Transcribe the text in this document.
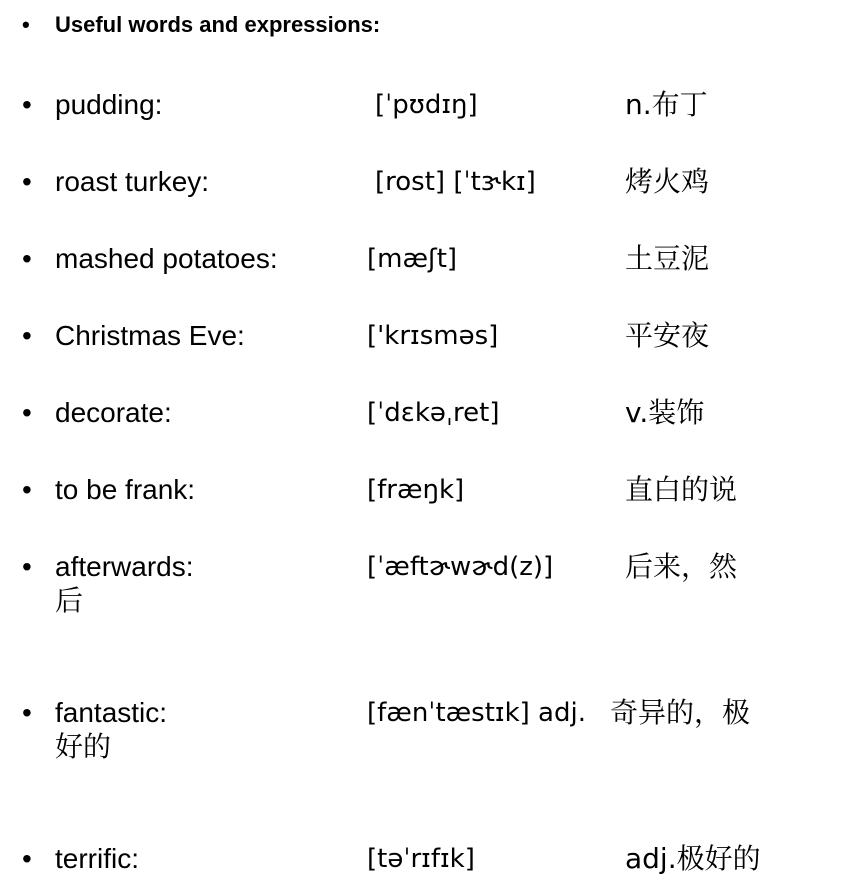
•	Useful words and expressions:
• pudding:	[ˈpʊdɪŋ]	n.布丁
• roast turkey:	[rost] [ˈtɝkɪ]	烤火鸡
• mashed potatoes:	[mæʃt]	土豆泥
• Christmas Eve:	['krɪsməs]	平安夜
• decorate:	[ˈdɛkəˌret]	v.装饰
• to be frank:	[fræŋk]	直白的说
• afterwards:	[ˈæftɚwɚd(z)]	后来，然
后
• fantastic:	[fænˈtæstɪk] adj. 奇异的，极
好的
• terrific:	[təˈrɪfɪk]	adj.极好的
